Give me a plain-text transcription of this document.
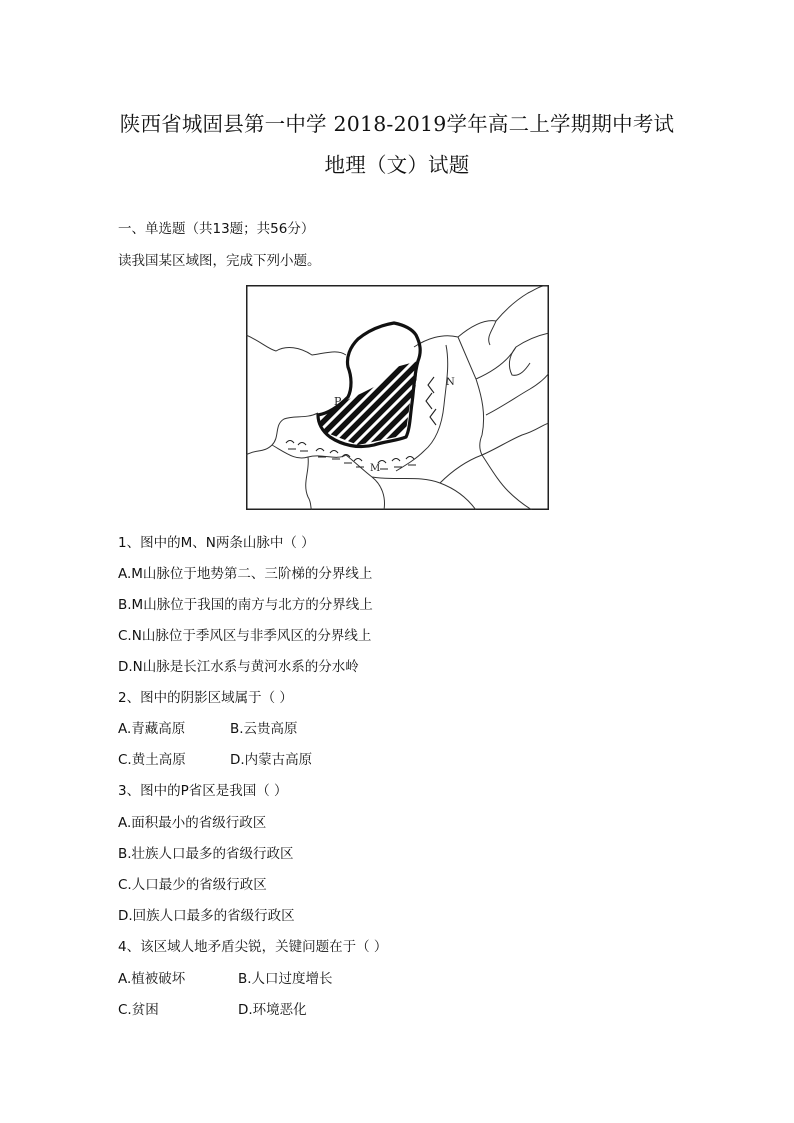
陕西省城固县第一中学 2018-2019学年高二上学期期中考试
地理（文）试题
一、单选题（共13题；共56分）
读我国某区域图，完成下列小题。
P
M
N
1、图中的M、N两条山脉中（ ）
A.M山脉位于地势第二、三阶梯的分界线上
B.M山脉位于我国的南方与北方的分界线上
C.N山脉位于季风区与非季风区的分界线上
D.N山脉是长江水系与黄河水系的分水岭
2、图中的阴影区域属于（ ）
A.青藏高原	B.云贵高原
C.黄土高原	D.内蒙古高原
3、图中的P省区是我国（ ）
A.面积最小的省级行政区
B.壮族人口最多的省级行政区
C.人口最少的省级行政区
D.回族人口最多的省级行政区
4、该区域人地矛盾尖锐，关键问题在于（ ）
A.植被破坏	B.人口过度增长
C.贫困	D.环境恶化
